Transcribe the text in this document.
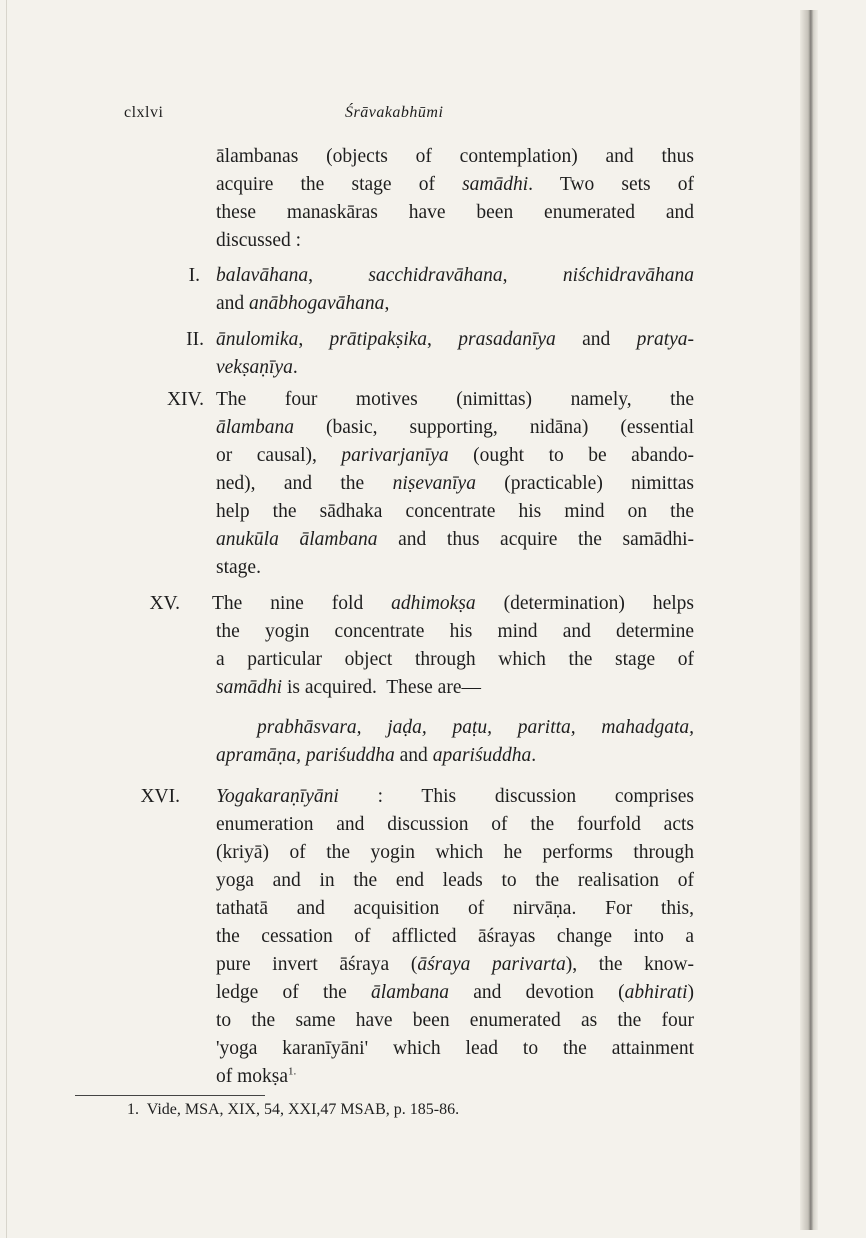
clxlvi	Śrāvakabhūmi
ālambanas (objects of contemplation) and thus
acquire the stage of samādhi. Two sets of
these manaskāras have been enumerated and
discussed :
I. balavāhana, sacchidravāhana, niśchidravāhana
and anābhogavāhana,
II. ānulomika, prātipakṣika, prasadanīya and pratya-
vekṣaṇīya.
XIV. The four motives (nimittas) namely, the
ālambana (basic, supporting, nidāna) (essential
or causal), parivarjanīya (ought to be abando-
ned), and the niṣevanīya (practicable) nimittas
help the sādhaka concentrate his mind on the
anukūla ālambana and thus acquire the samādhi-
stage.
XV. The nine fold adhimokṣa (determination) helps
the yogin concentrate his mind and determine
a particular object through which the stage of
samādhi is acquired.  These are—
prabhāsvara, jaḍa, paṭu, paritta, mahadgata,
apramāṇa, pariśuddha and apariśuddha.
XVI. Yogakaraṇīyāni : This discussion comprises
enumeration and discussion of the fourfold acts
(kriyā) of the yogin which he performs through
yoga and in the end leads to the realisation of
tathatā and acquisition of nirvāṇa. For this,
the cessation of afflicted āśrayas change into a
pure invert āśraya (āśraya parivarta), the know-
ledge of the ālambana and devotion (abhirati)
to the same have been enumerated as the four
'yoga karanīyāni' which lead to the attainment
of mokṣa$^{1.}$
1. Vide, MSA, XIX, 54, XXI,47 MSAB, p. 185-86.
